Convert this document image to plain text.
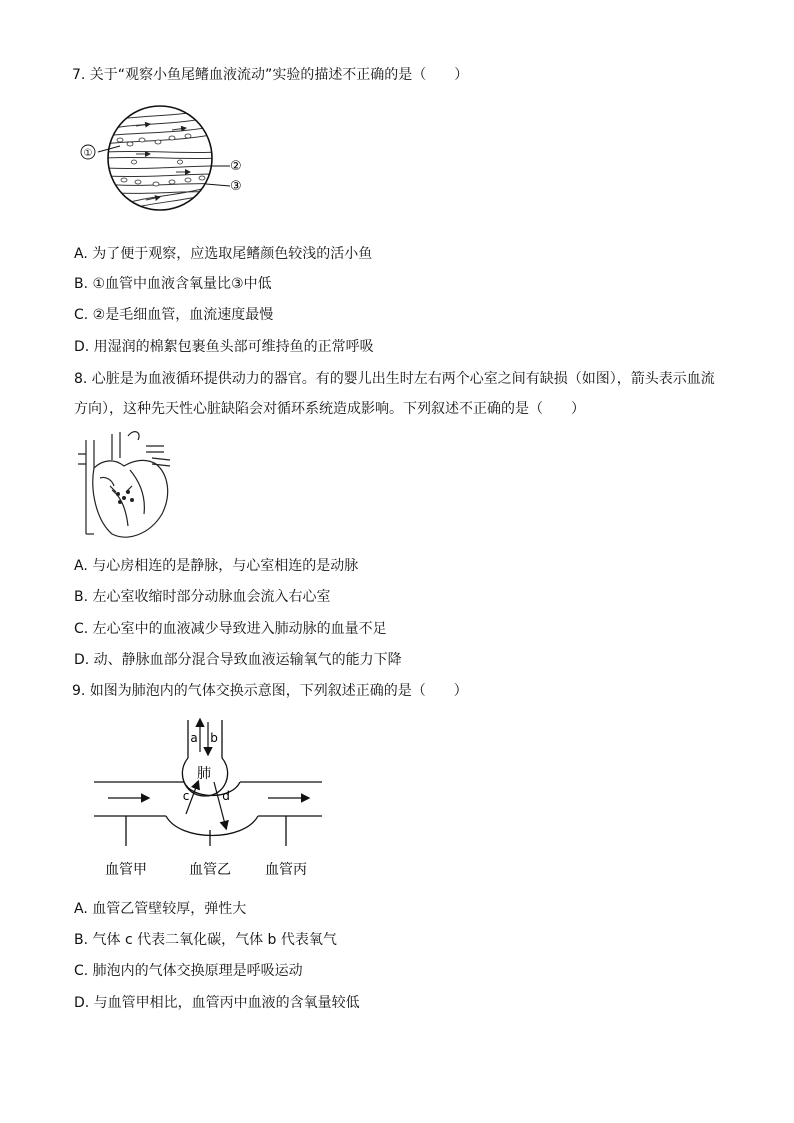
7. 关于“观察小鱼尾鳍血液流动”实验的描述不正确的是（　　）
①
②
③
A. 为了便于观察，应选取尾鳍颜色较浅的活小鱼
B. ①血管中血液含氧量比③中低
C. ②是毛细血管，血流速度最慢
D. 用湿润的棉絮包裹鱼头部可维持鱼的正常呼吸
8. 心脏是为血液循环提供动力的器官。有的婴儿出生时左右两个心室之间有缺损（如图），箭头表示血流
方向），这种先天性心脏缺陷会对循环系统造成影响。下列叙述不正确的是（　　）
A. 与心房相连的是静脉，与心室相连的是动脉
B. 左心室收缩时部分动脉血会流入右心室
C. 左心室中的血液减少导致进入肺动脉的血量不足
D. 动、静脉血部分混合导致血液运输氧气的能力下降
9. 如图为肺泡内的气体交换示意图，下列叙述正确的是（　　）
a b
肺
c	d
血管甲	血管乙 血管丙
A. 血管乙管壁较厚，弹性大
B. 气体 c 代表二氧化碳，气体 b 代表氧气
C. 肺泡内的气体交换原理是呼吸运动
D. 与血管甲相比，血管丙中血液的含氧量较低
